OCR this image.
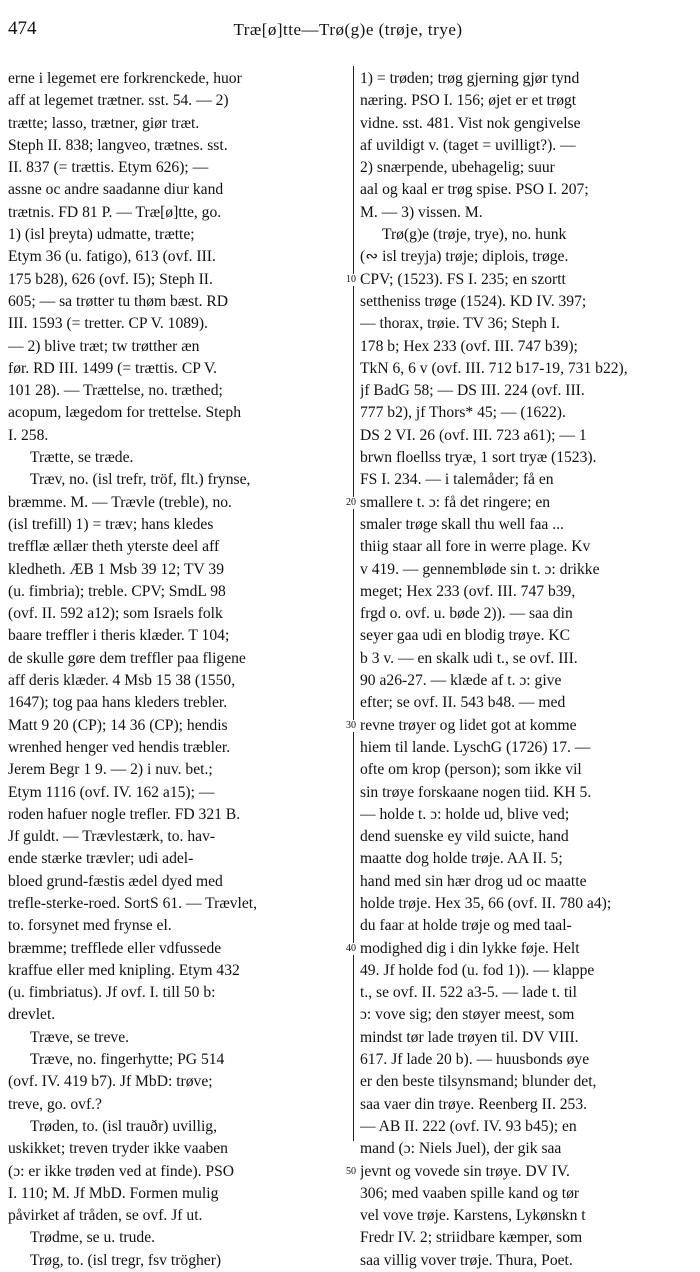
474	Træ[ø]tte—Trø(g)e (trøje, trye)
erne i legemet ere forkrenckede, huor
aff at legemet trætner. sst. 54. — 2)
trætte; lasso, trætner, giør træt.
Steph II. 838; langveo, trætnes. sst.
II. 837 (= trættis. Etym 626); —
assne oc andre saadanne diur kand
trætnis. FD 81 P. — Træ[ø]tte, go.
1) (isl þreyta) udmatte, trætte;
Etym 36 (u. fatigo), 613 (ovf. III.
175 b28), 626 (ovf. I5); Steph II.
605; — sa trøtter tu thøm bæst. RD
III. 1593 (= tretter. CP V. 1089).
— 2) blive træt; tw trøtther æn
før. RD III. 1499 (= trættis. CP V.
101 28). — Trættelse, no. træthed;
acopum, lægedom for trettelse. Steph
I. 258.
Trætte, se træde.
Træv, no. (isl trefr, tröf, flt.) frynse,
bræmme. M. — Trævle (treble), no.
(isl trefill) 1) = træv; hans kledes
trefflæ ællær theth yterste deel aff
kledheth. ÆB 1 Msb 39 12; TV 39
(u. fimbria); treble. CPV; SmdL 98
(ovf. II. 592 a12); som Israels folk
baare treffler i theris klæder. T 104;
de skulle gøre dem treffler paa fligene
aff deris klæder. 4 Msb 15 38 (1550,
1647); tog paa hans kleders trebler.
Matt 9 20 (CP); 14 36 (CP); hendis
wrenhed henger ved hendis træbler.
Jerem Begr 1 9. — 2) i nuv. bet.;
Etym 1116 (ovf. IV. 162 a15); —
roden hafuer nogle trefler. FD 321 B.
Jf guldt. — Trævlestærk, to. hav-
ende stærke trævler; udi adel-
bloed grund-fæstis ædel dyed med
trefle-sterke-roed. SortS 61. — Trævlet,
to. forsynet med frynse el.
bræmme; trefflede eller vdfussede
kraffue eller med knipling. Etym 432
(u. fimbriatus). Jf ovf. I. till 50 b:
drevlet.
Træve, se treve.
Træve, no. fingerhytte; PG 514
(ovf. IV. 419 b7). Jf MbD: trøve;
treve, go. ovf.?
Trøden, to. (isl trauðr) uvillig,
uskikket; treven tryder ikke vaaben
(ɔ: er ikke trøden ved at finde). PSO
I. 110; M. Jf MbD. Formen mulig
påvirket af tråden, se ovf. Jf ut.
Trødme, se u. trude.
Trøg, to. (isl tregr, fsv trögher)
10
20
30
40
50
1) = trøden; trøg gjerning gjør tynd
næring. PSO I. 156; øjet er et trøgt
vidne. sst. 481. Vist nok gengivelse
af uvildigt v. (taget = uvilligt?). —
2) snærpende, ubehagelig; suur
aal og kaal er trøg spise. PSO I. 207;
M. — 3) vissen. M.
Trø(g)e (trøje, trye), no. hunk
(∾ isl treyja) trøje; diplois, trøge.
CPV; (1523). FS I. 235; en szortt
settheniss trøge (1524). KD IV. 397;
— thorax, trøie. TV 36; Steph I.
178 b; Hex 233 (ovf. III. 747 b39);
TkN 6, 6 v (ovf. III. 712 b17-19, 731 b22),
jf BadG 58; — DS III. 224 (ovf. III.
777 b2), jf Thors* 45; — (1622).
DS 2 VI. 26 (ovf. III. 723 a61); — 1
brwn floellss tryæ, 1 sort tryæ (1523).
FS I. 234. — i talemåder; få en
smallere t. ɔ: få det ringere; en
smaler trøge skall thu well faa ...
thiig staar all fore in werre plage. Kv
v 419. — gennembløde sin t. ɔ: drikke
meget; Hex 233 (ovf. III. 747 b39,
frgd o. ovf. u. bøde 2)). — saa din
seyer gaa udi en blodig trøye. KC
b 3 v. — en skalk udi t., se ovf. III.
90 a26-27. — klæde af t. ɔ: give
efter; se ovf. II. 543 b48. — med
revne trøyer og lidet got at komme
hiem til lande. LyschG (1726) 17. —
ofte om krop (person); som ikke vil
sin trøye forskaane nogen tiid. KH 5.
— holde t. ɔ: holde ud, blive ved;
dend suenske ey vild suicte, hand
maatte dog holde trøje. AA II. 5;
hand med sin hær drog ud oc maatte
holde trøje. Hex 35, 66 (ovf. II. 780 a4);
du faar at holde trøje og med taal-
modighed dig i din lykke føje. Helt
49. Jf holde fod (u. fod 1)). — klappe
t., se ovf. II. 522 a3-5. — lade t. til
ɔ: vove sig; den støyer meest, som
mindst tør lade trøyen til. DV VIII.
617. Jf lade 20 b). — huusbonds øye
er den beste tilsynsmand; blunder det,
saa vaer din trøye. Reenberg II. 253.
— AB II. 222 (ovf. IV. 93 b45); en
mand (ɔ: Niels Juel), der gik saa
jevnt og vovede sin trøye. DV IV.
306; med vaaben spille kand og tør
vel vove trøje. Karstens, Lykønskn t
Fredr IV. 2; striidbare kæmper, som
saa villig vover trøje. Thura, Poet.
